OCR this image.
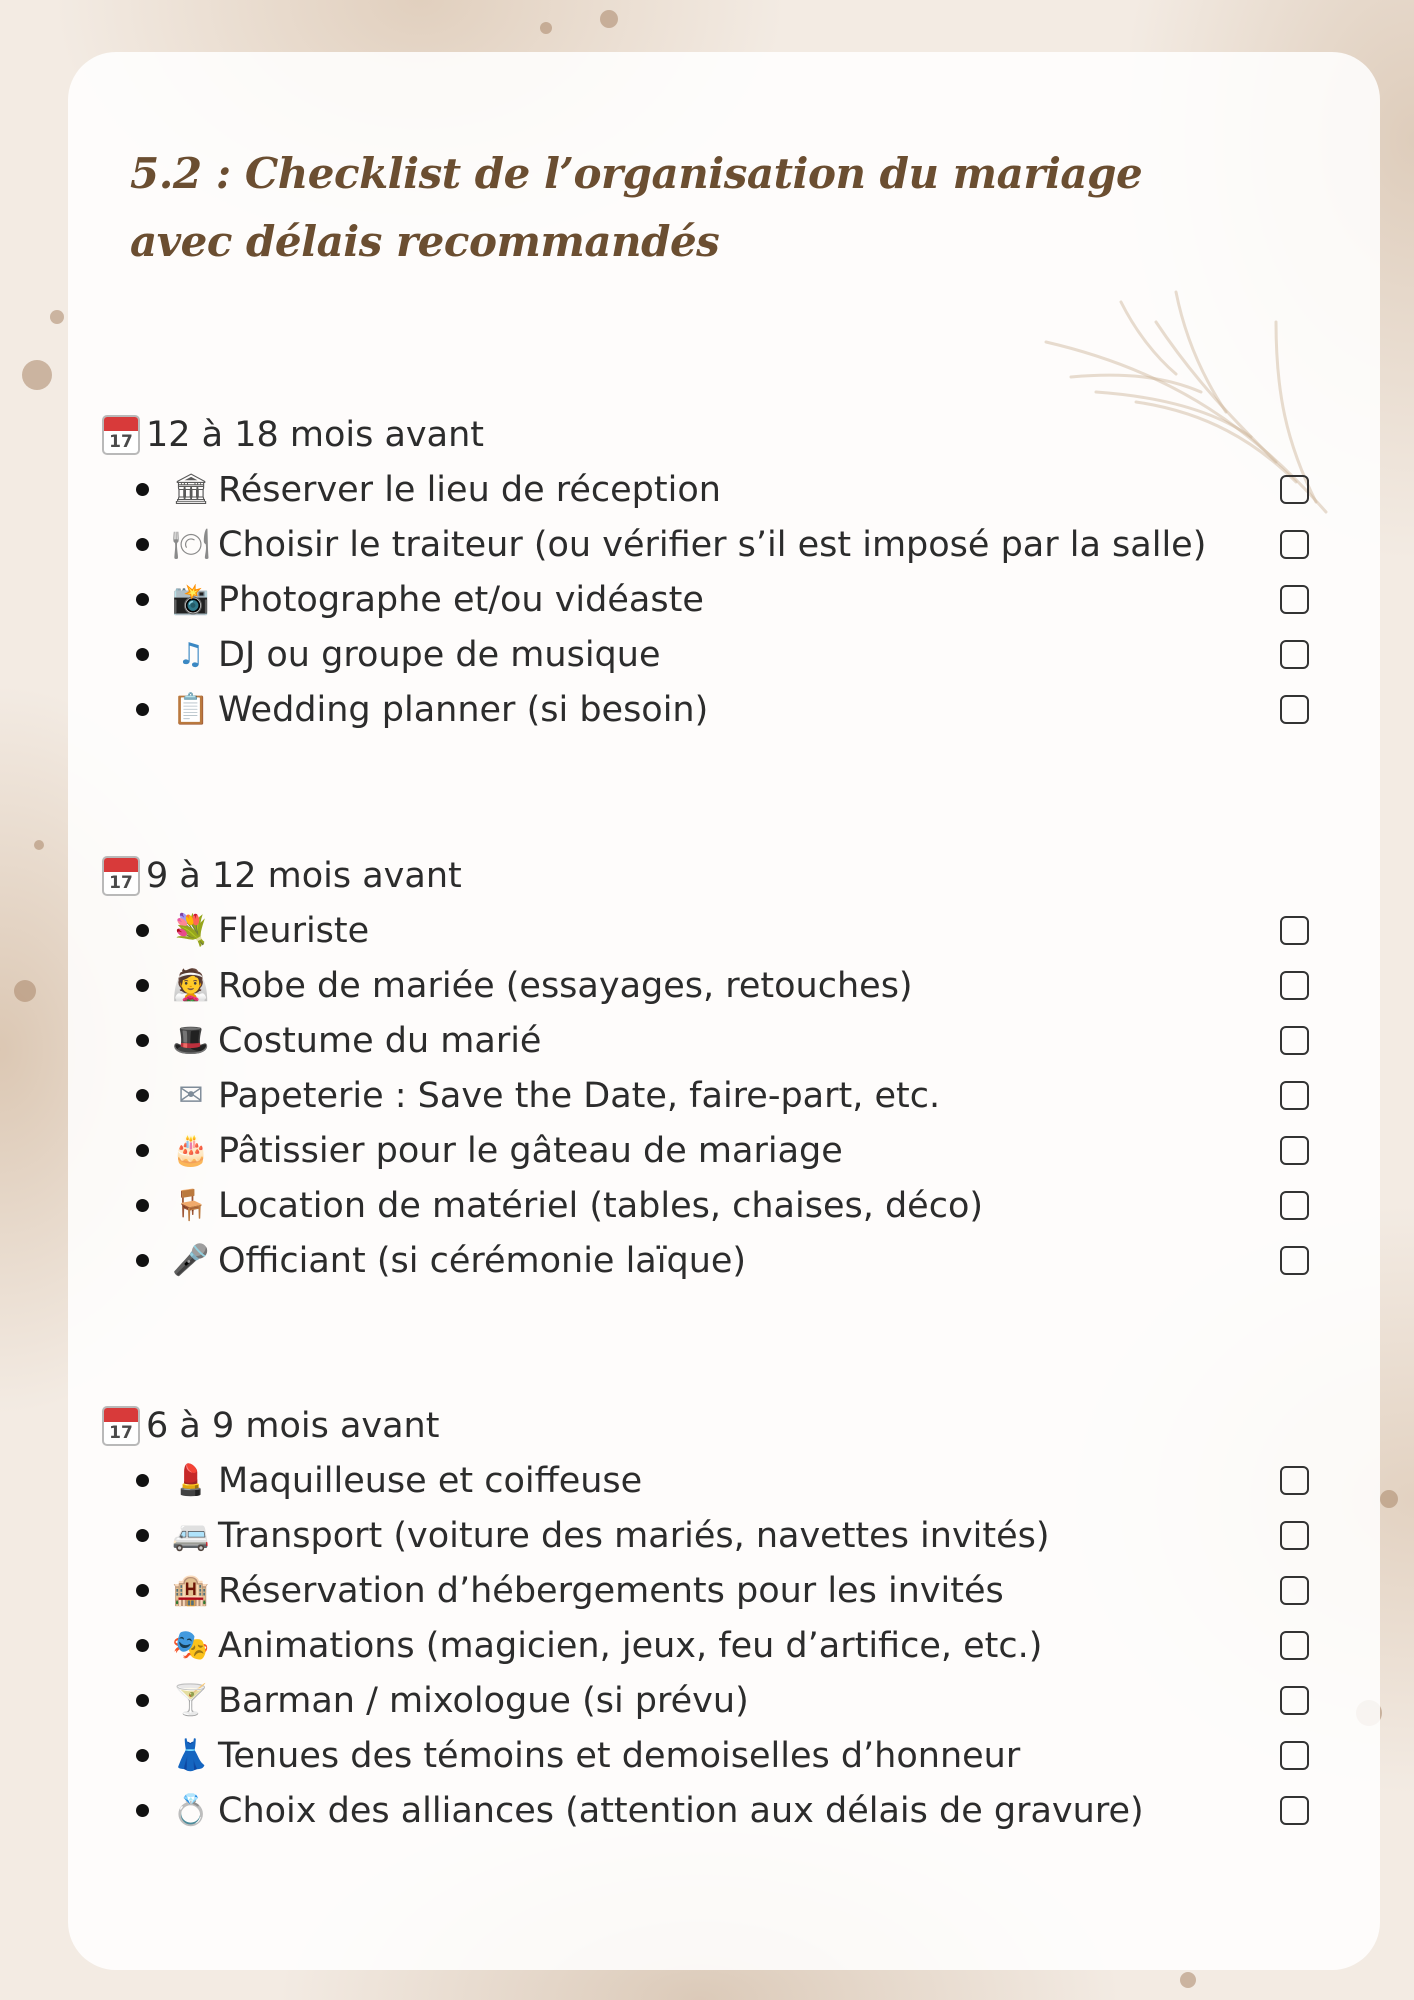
5.2 : Checklist de l’organisation du mariage avec délais recommandés
17 12 à 18 mois avant
🏛 Réserver le lieu de réception
🍽 Choisir le traiteur (ou vérifier s’il est imposé par la salle)
📸 Photographe et/ou vidéaste
♫ DJ ou groupe de musique
📋 Wedding planner (si besoin)
17 9 à 12 mois avant
💐 Fleuriste
👰 Robe de mariée (essayages, retouches)
🎩 Costume du marié
✉ Papeterie : Save the Date, faire-part, etc.
🎂 Pâtissier pour le gâteau de mariage
🪑 Location de matériel (tables, chaises, déco)
🎤 Officiant (si cérémonie laïque)
17 6 à 9 mois avant
💄 Maquilleuse et coiffeuse
🚐 Transport (voiture des mariés, navettes invités)
🏨 Réservation d’hébergements pour les invités
🎭 Animations (magicien, jeux, feu d’artifice, etc.)
🍸 Barman / mixologue (si prévu)
👗 Tenues des témoins et demoiselles d’honneur
💍 Choix des alliances (attention aux délais de gravure)
